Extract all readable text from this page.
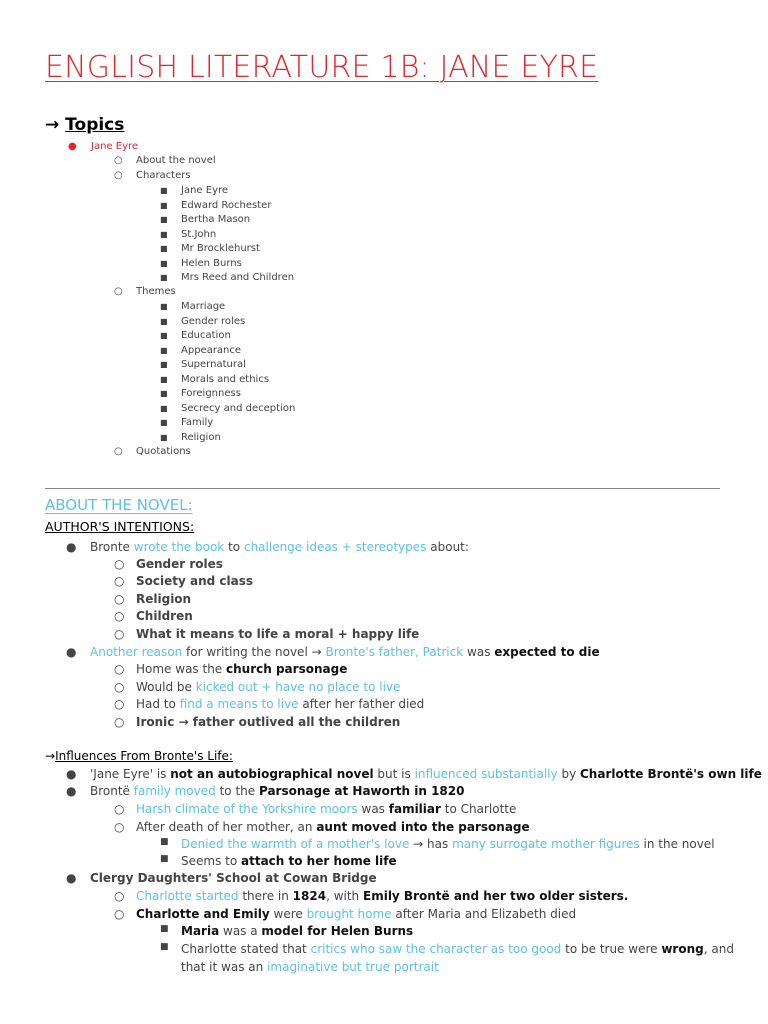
ENGLISH LITERATURE 1B: JANE EYRE
→ Topics
● Jane Eyre
○ About the novel
○ Characters
■ Jane Eyre
■ Edward Rochester
■ Bertha Mason
■ St.John
■ Mr Brocklehurst
■ Helen Burns
■ Mrs Reed and Children
○ Themes
■ Marriage
■ Gender roles
■ Education
■ Appearance
■ Supernatural
■ Morals and ethics
■ Foreignness
■ Secrecy and deception
■ Family
■ Religion
○ Quotations
ABOUT THE NOVEL:
AUTHOR'S INTENTIONS:
● Bronte wrote the book to challenge ideas + stereotypes about:
○ Gender roles
○ Society and class
○ Religion
○ Children
○ What it means to life a moral + happy life
● Another reason for writing the novel → Bronte's father, Patrick was expected to die
○ Home was the church parsonage
○ Would be kicked out + have no place to live
○ Had to find a means to live after her father died
○ Ironic → father outlived all the children
→Influences From Bronte's Life:
● 'Jane Eyre' is not an autobiographical novel but is influenced substantially by Charlotte Brontë's own life
● Brontë family moved to the Parsonage at Haworth in 1820
○ Harsh climate of the Yorkshire moors was familiar to Charlotte
○ After death of her mother, an aunt moved into the parsonage
■ Denied the warmth of a mother's love → has many surrogate mother figures in the novel
■ Seems to attach to her home life
● Clergy Daughters' School at Cowan Bridge
○ Charlotte started there in 1824, with Emily Brontë and her two older sisters.
○ Charlotte and Emily were brought home after Maria and Elizabeth died
■ Maria was a model for Helen Burns
■ Charlotte stated that critics who saw the character as too good to be true were wrong, and
that it was an imaginative but true portrait
